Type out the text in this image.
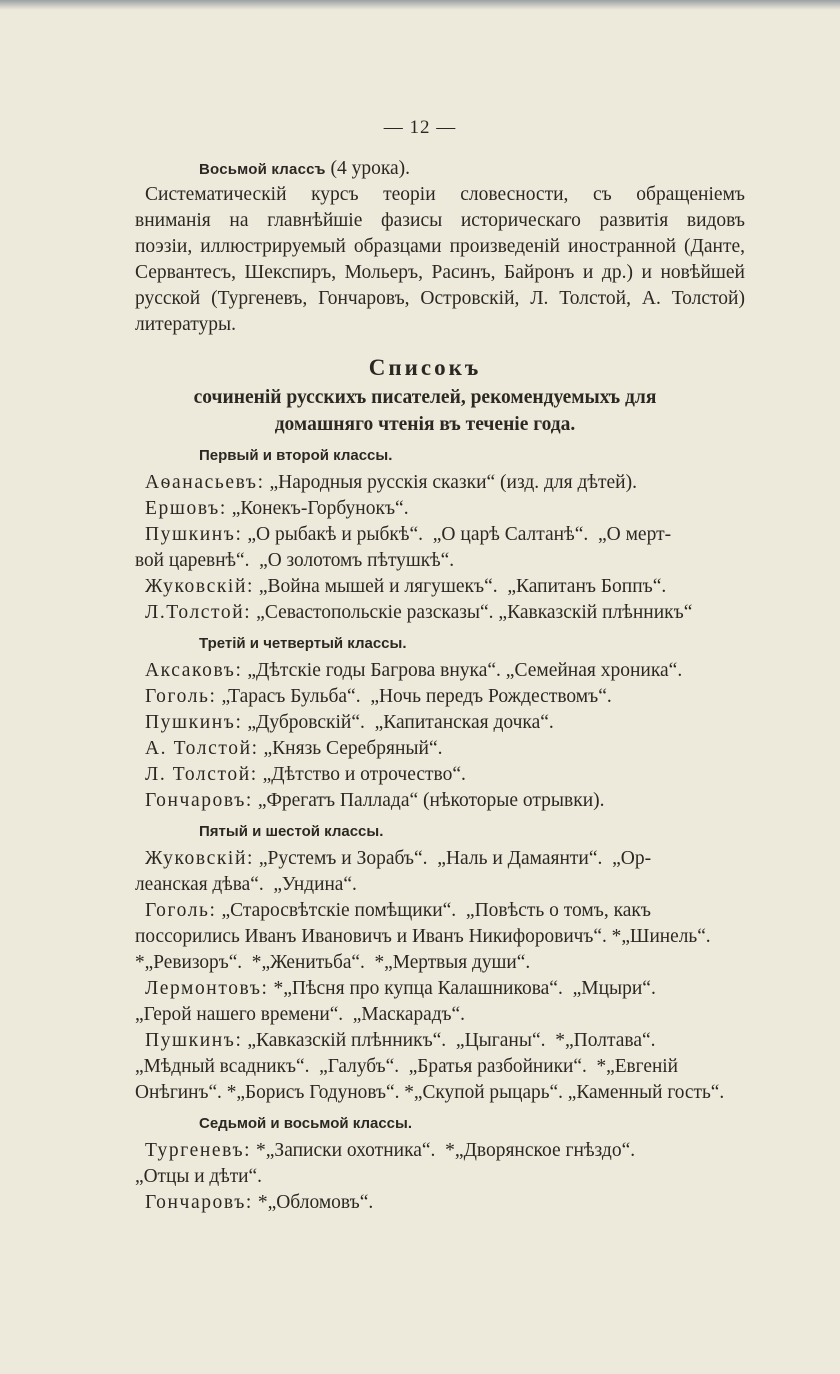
— 12 —
Восьмой классъ (4 урока).
Систематическій курсъ теоріи словесности, съ обращеніемъ
вниманія на главнѣйшіе фазисы историческаго развитія видовъ
поэзіи, иллюстрируемый образцами произведеній иностранной (Данте,
Сервантесъ, Шекспиръ, Мольеръ, Расинъ, Байронъ и др.) и новѣйшей
русской (Тургеневъ, Гончаровъ, Островскій, Л. Толстой, А. Толстой)
литературы.
Списокъ
сочиненій русскихъ писателей, рекомендуемыхъ для
домашняго чтенія въ теченіе года.
Первый и второй классы.
Аѳанасьевъ: „Народныя русскія сказки“ (изд. для дѣтей).
Ершовъ: „Конекъ-Горбунокъ“.
Пушкинъ: „О рыбакѣ и рыбкѣ“.  „О царѣ Салтанѣ“.  „О мерт-
вой царевнѣ“.  „О золотомъ пѣтушкѣ“.
Жуковскій: „Война мышей и лягушекъ“.  „Капитанъ Боппъ“.
Л.Толстой: „Севастопольскіе разсказы“. „Кавказскій плѣнникъ“
Третій и четвертый классы.
Аксаковъ: „Дѣтскіе годы Багрова внука“. „Семейная хроника“.
Гоголь: „Тарасъ Бульба“.  „Ночь передъ Рождествомъ“.
Пушкинъ: „Дубровскій“.  „Капитанская дочка“.
А. Толстой: „Князь Серебряный“.
Л. Толстой: „Дѣтство и отрочество“.
Гончаровъ: „Фрегатъ Паллада“ (нѣкоторые отрывки).
Пятый и шестой классы.
Жуковскій: „Рустемъ и Зорабъ“.  „Наль и Дамаянти“.  „Ор-
леанская дѣва“.  „Ундина“.
Гоголь: „Старосвѣтскіе помѣщики“.  „Повѣсть о томъ, какъ
поссорились Иванъ Ивановичъ и Иванъ Никифоровичъ“. *„Шинель“.
*„Ревизоръ“.  *„Женитьба“.  *„Мертвыя души“.
Лермонтовъ: *„Пѣсня про купца Калашникова“.  „Мцыри“.
„Герой нашего времени“.  „Маскарадъ“.
Пушкинъ: „Кавказскій плѣнникъ“.  „Цыганы“.  *„Полтава“.
„Мѣдный всадникъ“.  „Галубъ“.  „Братья разбойники“.  *„Евгеній
Онѣгинъ“. *„Борисъ Годуновъ“. *„Скупой рыцарь“. „Каменный гость“.
Седьмой и восьмой классы.
Тургеневъ: *„Записки охотника“.  *„Дворянское гнѣздо“.
„Отцы и дѣти“.
Гончаровъ: *„Обломовъ“.
